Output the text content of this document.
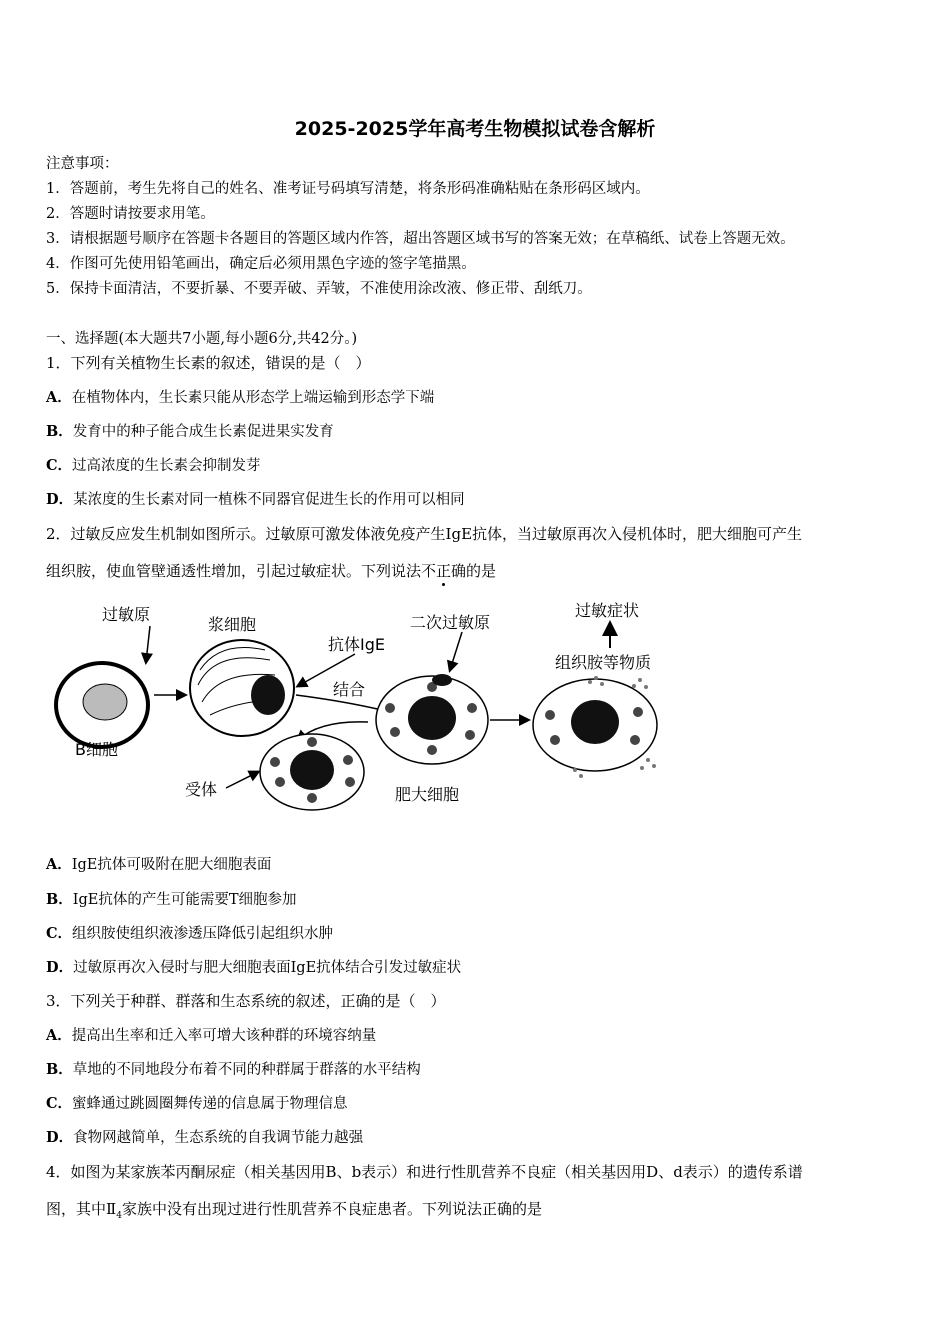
2025-2025学年高考生物模拟试卷含解析
注意事项：
1．答题前，考生先将自己的姓名、准考证号码填写清楚，将条形码准确粘贴在条形码区域内。
2．答题时请按要求用笔。
3．请根据题号顺序在答题卡各题目的答题区域内作答，超出答题区域书写的答案无效；在草稿纸、试卷上答题无效。
4．作图可先使用铅笔画出，确定后必须用黑色字迹的签字笔描黑。
5．保持卡面清洁，不要折暴、不要弄破、弄皱，不准使用涂改液、修正带、刮纸刀。
一、选择题(本大题共7小题,每小题6分,共42分。)
1．下列有关植物生长素的叙述，错误的是（　）
A．在植物体内，生长素只能从形态学上端运输到形态学下端
B．发育中的种子能合成生长素促进果实发育
C．过高浓度的生长素会抑制发芽
D．某浓度的生长素对同一植株不同器官促进生长的作用可以相同
2．过敏反应发生机制如图所示。过敏原可激发体液免疫产生IgE抗体，当过敏原再次入侵机体时，肥大细胞可产生
组织胺，使血管壁通透性增加，引起过敏症状。下列说法不正确的是
过敏原
B细胞
浆细胞
抗体IgE
结合
受体
二次过敏原
肥大细胞
过敏症状
组织胺等物质
A．IgE抗体可吸附在肥大细胞表面
B．IgE抗体的产生可能需要T细胞参加
C．组织胺使组织液渗透压降低引起组织水肿
D．过敏原再次入侵时与肥大细胞表面IgE抗体结合引发过敏症状
3．下列关于种群、群落和生态系统的叙述，正确的是（　）
A．提高出生率和迁入率可增大该种群的环境容纳量
B．草地的不同地段分布着不同的种群属于群落的水平结构
C．蜜蜂通过跳圆圈舞传递的信息属于物理信息
D．食物网越简单，生态系统的自我调节能力越强
4．如图为某家族苯丙酮尿症（相关基因用B、b表示）和进行性肌营养不良症（相关基因用D、d表示）的遗传系谱
图，其中$Ⅱ_4$家族中没有出现过进行性肌营养不良症患者。下列说法正确的是
